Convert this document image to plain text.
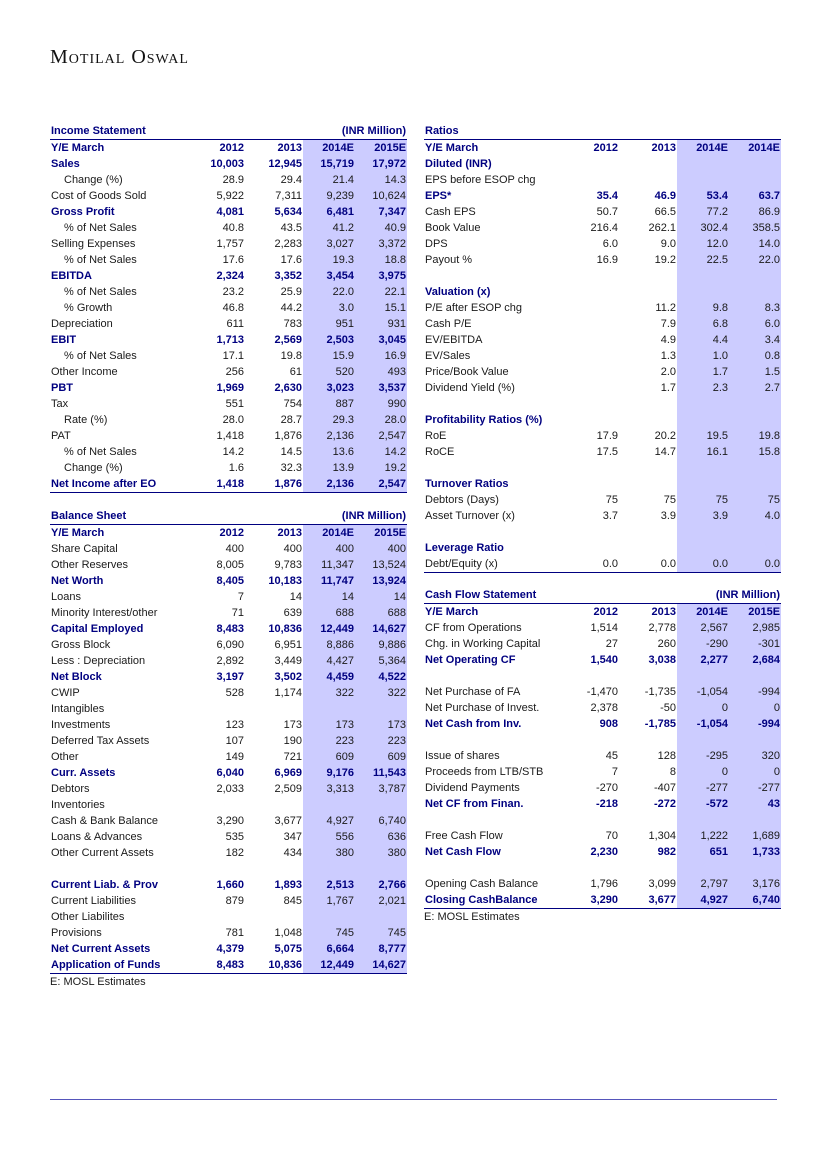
Motilal Oswal
Income Statement	(INR Million)			
Y/E March	2012	2013	2014E	2015E
Sales	10,003	12,945	15,719	17,972
Change (%)	28.9	29.4	21.4	14.3
Cost of Goods Sold	5,922	7,311	9,239	10,624
Gross Profit	4,081	5,634	6,481	7,347
% of Net Sales	40.8	43.5	41.2	40.9
Selling Expenses	1,757	2,283	3,027	3,372
% of Net Sales	17.6	17.6	19.3	18.8
EBITDA	2,324	3,352	3,454	3,975
% of Net Sales	23.2	25.9	22.0	22.1
% Growth	46.8	44.2	3.0	15.1
Depreciation	611	783	951	931
EBIT	1,713	2,569	2,503	3,045
% of Net Sales	17.1	19.8	15.9	16.9
Other Income	256	61	520	493
PBT	1,969	2,630	3,023	3,537
Tax	551	754	887	990
Rate (%)	28.0	28.7	29.3	28.0
PAT	1,418	1,876	2,136	2,547
% of Net Sales	14.2	14.5	13.6	14.2
Change (%)	1.6	32.3	13.9	19.2
Net Income after EO	1,418	1,876	2,136	2,547
Balance Sheet	(INR Million)			
Y/E March	2012	2013	2014E	2015E
Share Capital	400	400	400	400
Other Reserves	8,005	9,783	11,347	13,524
Net Worth	8,405	10,183	11,747	13,924
Loans	7	14	14	14
Minority Interest/other	71	639	688	688
Capital Employed	8,483	10,836	12,449	14,627
Gross Block	6,090	6,951	8,886	9,886
Less : Depreciation	2,892	3,449	4,427	5,364
Net Block	3,197	3,502	4,459	4,522
CWIP	528	1,174	322	322
Intangibles				
Investments	123	173	173	173
Deferred Tax Assets	107	190	223	223
Other	149	721	609	609
Curr. Assets	6,040	6,969	9,176	11,543
Debtors	2,033	2,509	3,313	3,787
Inventories				
Cash & Bank Balance	3,290	3,677	4,927	6,740
Loans & Advances	535	347	556	636
Other Current Assets	182	434	380	380

Current Liab. & Prov	1,660	1,893	2,513	2,766
Current Liabilities	879	845	1,767	2,021
Other Liabilites				
Provisions	781	1,048	745	745
Net Current Assets	4,379	5,075	6,664	8,777
Application of Funds	8,483	10,836	12,449	14,627
E: MOSL Estimates
Ratios				
Y/E March	2012	2013	2014E	2014E
Diluted (INR)				
EPS before ESOP chg				
EPS*	35.4	46.9	53.4	63.7
Cash EPS	50.7	66.5	77.2	86.9
Book Value	216.4	262.1	302.4	358.5
DPS	6.0	9.0	12.0	14.0
Payout %	16.9	19.2	22.5	22.0

Valuation (x)				
P/E after ESOP chg		11.2	9.8	8.3
Cash P/E		7.9	6.8	6.0
EV/EBITDA		4.9	4.4	3.4
EV/Sales		1.3	1.0	0.8
Price/Book Value		2.0	1.7	1.5
Dividend Yield (%)		1.7	2.3	2.7

Profitability Ratios (%)				
RoE	17.9	20.2	19.5	19.8
RoCE	17.5	14.7	16.1	15.8

Turnover Ratios				
Debtors (Days)	75	75	75	75
Asset Turnover (x)	3.7	3.9	3.9	4.0

Leverage Ratio				
Debt/Equity (x)	0.0	0.0	0.0	0.0
Cash Flow Statement	(INR Million)			
Y/E March	2012	2013	2014E	2015E
CF from Operations	1,514	2,778	2,567	2,985
Chg. in Working Capital	27	260	-290	-301
Net Operating CF	1,540	3,038	2,277	2,684

Net Purchase of FA	-1,470	-1,735	-1,054	-994
Net Purchase of Invest.	2,378	-50	0	0
Net Cash from Inv.	908	-1,785	-1,054	-994

Issue of shares	45	128	-295	320
Proceeds from LTB/STB	7	8	0	0
Dividend Payments	-270	-407	-277	-277
Net CF from Finan.	-218	-272	-572	43

Free Cash Flow	70	1,304	1,222	1,689
Net Cash Flow	2,230	982	651	1,733

Opening Cash Balance	1,796	3,099	2,797	3,176
Closing CashBalance	3,290	3,677	4,927	6,740
E: MOSL Estimates
